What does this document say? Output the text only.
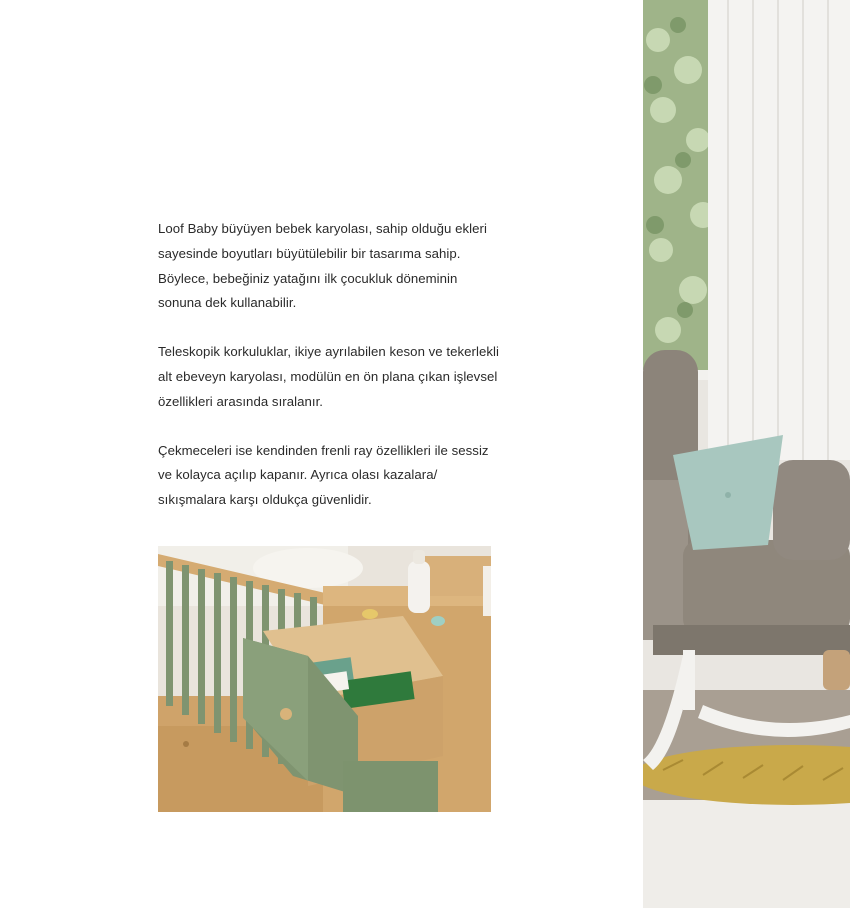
Loof Baby büyüyen bebek karyolası, sahip olduğu ekleri sayesinde boyutları büyütülebilir bir tasarıma sahip. Böylece, bebeğiniz yatağını ilk çocukluk döneminin sonuna dek kullanabilir.

Teleskopik korkuluklar, ikiye ayrılabilen keson ve tekerlekli alt ebeveyn karyolası, modülün en ön plana çıkan işlevsel özellikleri arasında sıralanır.

Çekmeceleri ise kendinden frenli ray özellikleri ile sessiz ve kolayca açılıp kapanır. Ayrıca olası kazalara/ sıkışmalara karşı oldukça güvenlidir.
